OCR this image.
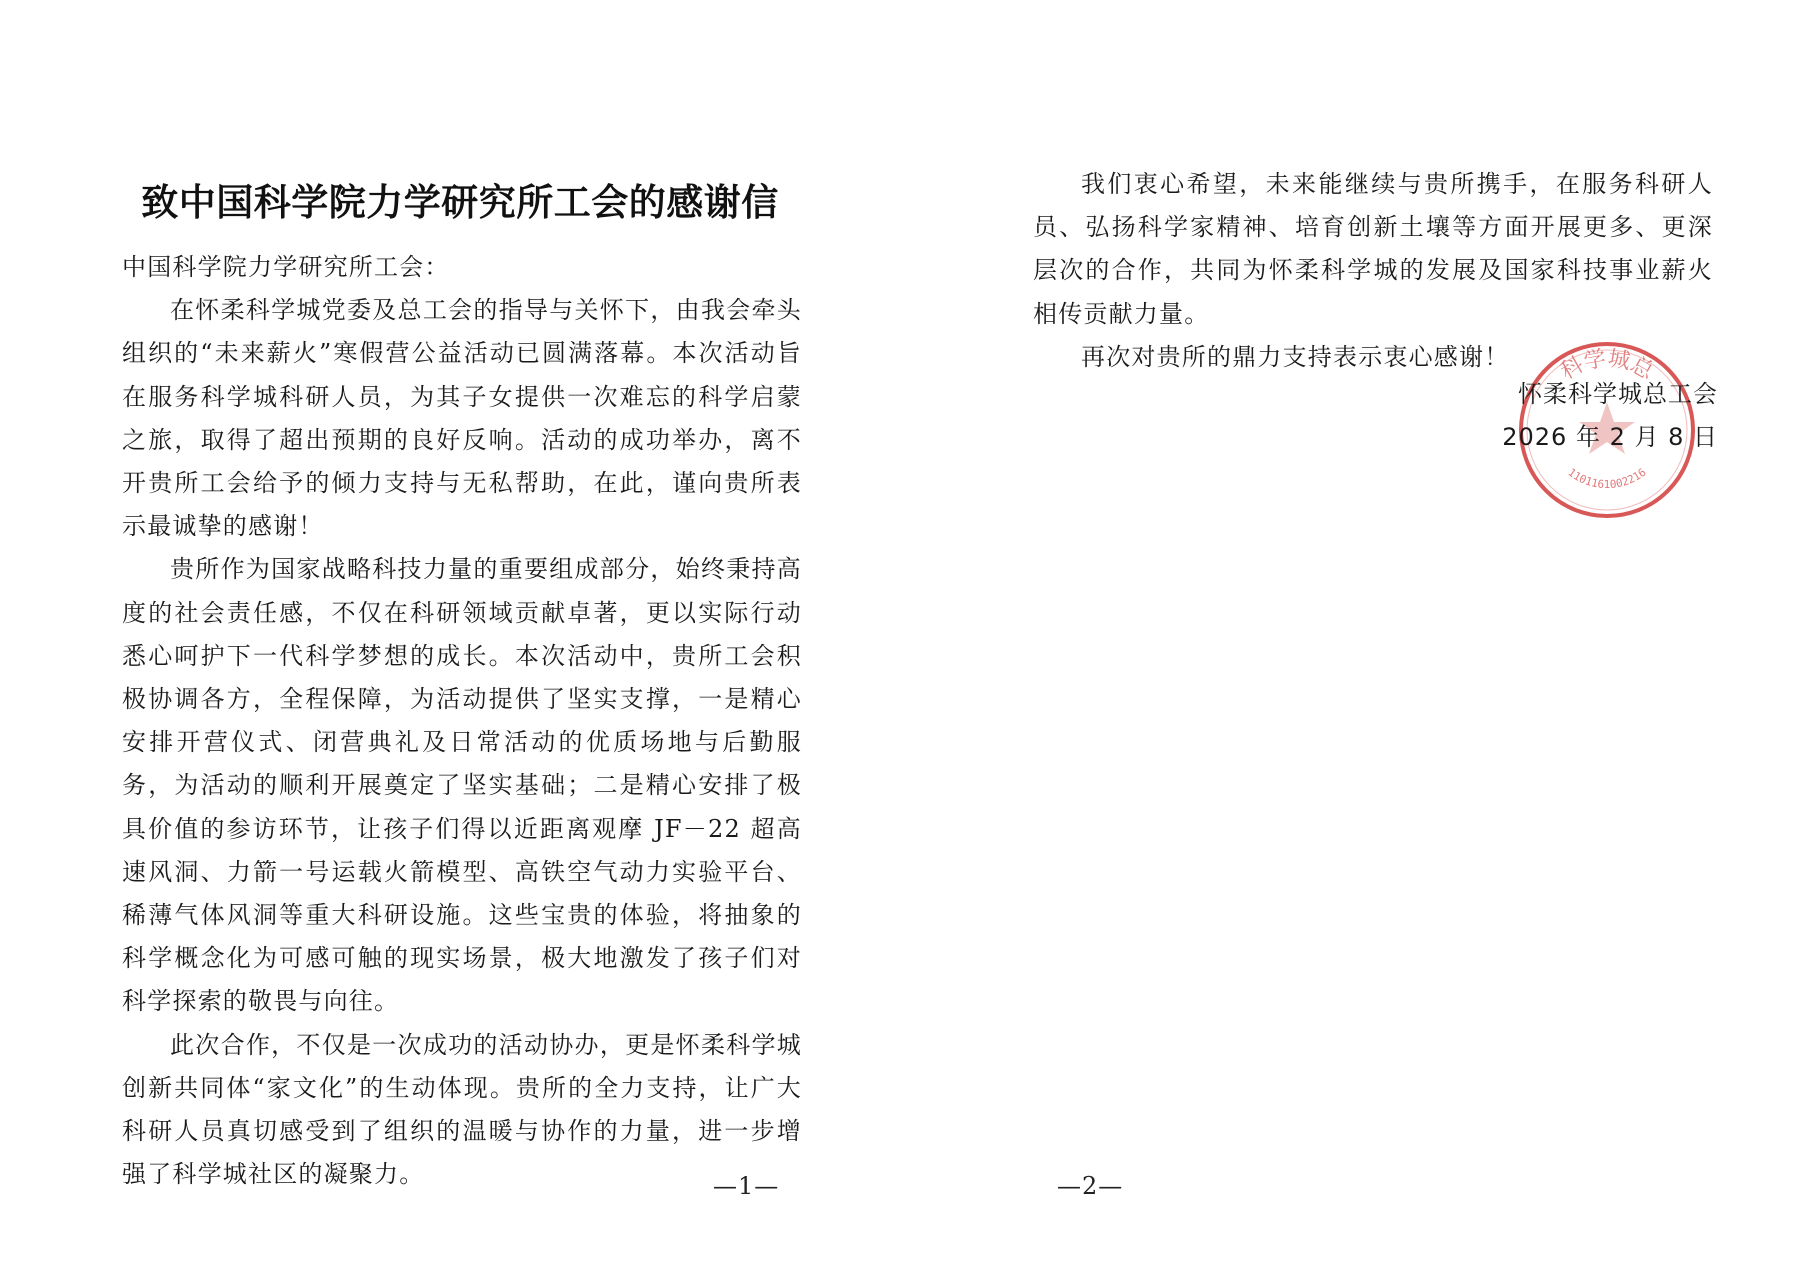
致中国科学院力学研究所工会的感谢信

中国科学院力学研究所工会：

在怀柔科学城党委及总工会的指导与关怀下，由我会牵头组织的“未来薪火”寒假营公益活动已圆满落幕。本次活动旨在服务科学城科研人员，为其子女提供一次难忘的科学启蒙之旅，取得了超出预期的良好反响。活动的成功举办，离不开贵所工会给予的倾力支持与无私帮助，在此，谨向贵所表示最诚挚的感谢！

贵所作为国家战略科技力量的重要组成部分，始终秉持高度的社会责任感，不仅在科研领域贡献卓著，更以实际行动悉心呵护下一代科学梦想的成长。本次活动中，贵所工会积极协调各方，全程保障，为活动提供了坚实支撑，一是精心安排开营仪式、闭营典礼及日常活动的优质场地与后勤服务，为活动的顺利开展奠定了坚实基础；二是精心安排了极具价值的参访环节，让孩子们得以近距离观摩 JF－22 超高速风洞、力箭一号运载火箭模型、高铁空气动力实验平台、稀薄气体风洞等重大科研设施。这些宝贵的体验，将抽象的科学概念化为可感可触的现实场景，极大地激发了孩子们对科学探索的敬畏与向往。

此次合作，不仅是一次成功的活动协办，更是怀柔科学城创新共同体“家文化”的生动体现。贵所的全力支持，让广大科研人员真切感受到了组织的温暖与协作的力量，进一步增强了科学城社区的凝聚力。	—1—

我们衷心希望，未来能继续与贵所携手，在服务科研人员、弘扬科学家精神、培育创新土壤等方面开展更多、更深层次的合作，共同为怀柔科学城的发展及国家科技事业薪火相传贡献力量。

再次对贵所的鼎力支持表示衷心感谢！	科学城总
1101161002216
怀柔科学城总工会
2026 年 2 月 8 日
—2—
